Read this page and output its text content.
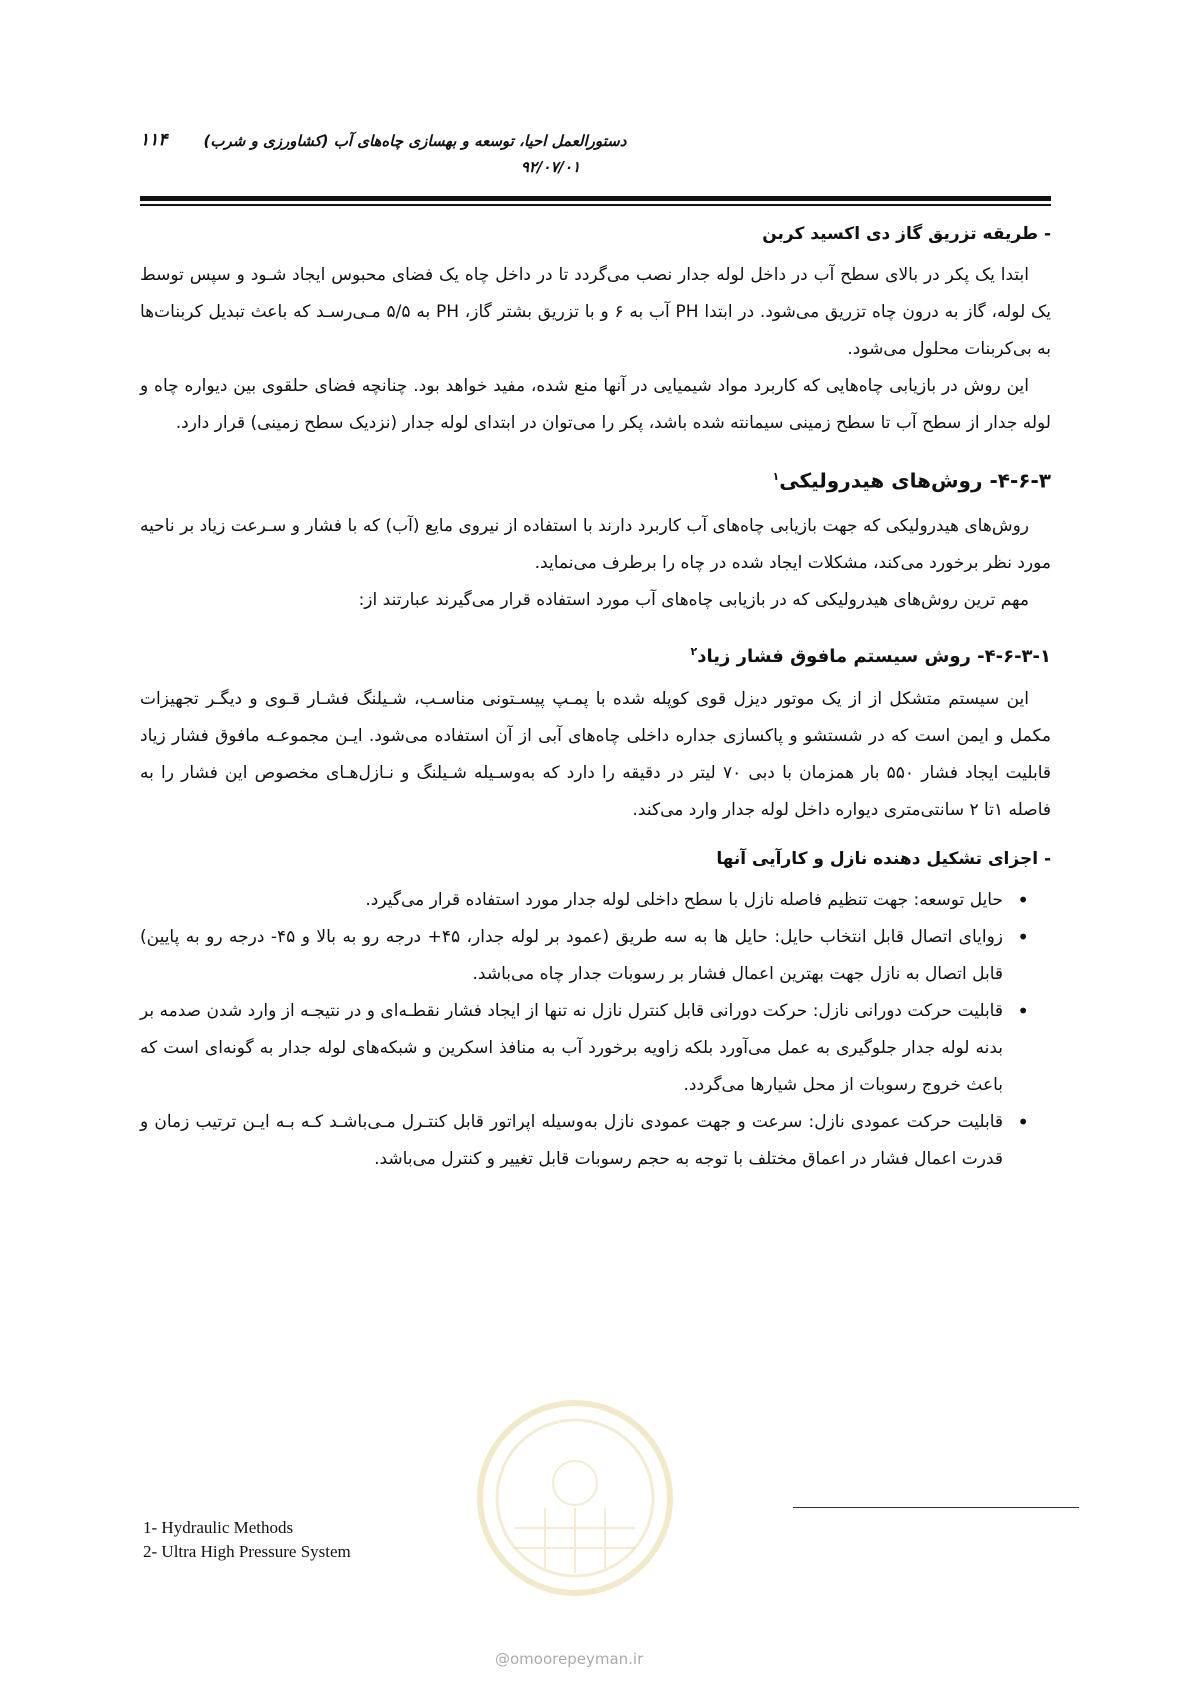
۱۱۴	دستورالعمل احیا، توسعه و بهسازی چاه‌های آب (کشاورزی و شرب)
۹۲/۰۷/۰۱
- طریقه تزریق گاز دی اکسید کربن

ابتدا یک پکر در بالای سطح آب در داخل لوله جدار نصب می‌گردد تا در داخل چاه یک فضای محبوس ایجاد شـود و سپس توسط یک لوله، گاز به درون چاه تزریق می‌شود. در ابتدا PH آب به ۶ و با تزریق بشتر گاز، PH به ۵/۵ مـی‌رسـد که باعث تبدیل کربنات‌ها به بی‌کربنات محلول می‌شود.

این روش در بازیابی چاه‌هایی که کاربرد مواد شیمیایی در آنها منع شده، مفید خواهد بود. چنانچه فضای حلقوی بین دیواره چاه و لوله جدار از سطح آب تا سطح زمینی سیمانته شده باشد، پکر را می‌توان در ابتدای لوله جدار (نزدیک سطح زمینی) قرار دارد.

۴-۶-۳- روش‌های هیدرولیکی$^۱$

روش‌های هیدرولیکی که جهت بازیابی چاه‌های آب کاربرد دارند با استفاده از نیروی مایع (آب) که با فشار و سـرعت زیاد بر ناحیه مورد نظر برخورد می‌کند، مشکلات ایجاد شده در چاه را برطرف می‌نماید.

مهم ترین روش‌های هیدرولیکی که در بازیابی چاه‌های آب مورد استفاده قرار می‌گیرند عبارتند از:

۴-۶-۳-۱- روش سیستم مافوق فشار زیاد$^۲$

این سیستم متشکل از از یک موتور دیزل قوی کوپله شده با پمـپ پیسـتونی مناسـب، شـیلنگ فشـار قـوی و دیگـر تجهیزات مکمل و ایمن است که در شستشو و پاکسازی جداره داخلی چاه‌های آبی از آن استفاده می‌شود. ایـن مجموعـه مافوق فشار زیاد قابلیت ایجاد فشار ۵۵۰ بار همزمان با دبی ۷۰ لیتر در دقیقه را دارد که به‌وسـیله شـیلنگ و نـازل‌هـای مخصوص این فشار را به فاصله ۱تا ۲ سانتی‌متری دیواره داخل لوله جدار وارد می‌کند.

- اجزای تشکیل دهنده نازل و کارآیی آنها
•
حایل توسعه: جهت تنظیم فاصله نازل با سطح داخلی لوله جدار مورد استفاده قرار می‌گیرد.
•
زوایای اتصال قابل انتخاب حایل: حایل ها به سه طریق (عمود بر لوله جدار، ۴۵+ درجه رو به بالا و ۴۵- درجه رو به پایین) قابل اتصال به نازل جهت بهترین اعمال فشار بر رسوبات جدار چاه می‌باشد.
•
قابلیت حرکت دورانی نازل: حرکت دورانی قابل کنترل نازل نه تنها از ایجاد فشار نقطـه‌ای و در نتیجـه از وارد شدن صدمه بر بدنه لوله جدار جلوگیری به عمل می‌آورد بلکه زاویه برخورد آب به منافذ اسکرین و شبکه‌های لوله جدار به گونه‌ای است که باعث خروج رسوبات از محل شیارها می‌گردد.
•
قابلیت حرکت عمودی نازل: سرعت و جهت عمودی نازل به‌وسیله اپراتور قابل کنتـرل مـی‌باشـد کـه بـه ایـن ترتیب زمان و قدرت اعمال فشار در اعماق مختلف با توجه به حجم رسوبات قابل تغییر و کنترل می‌باشد.
1- Hydraulic Methods
2- Ultra High Pressure System
@omoorepeyman.ir
